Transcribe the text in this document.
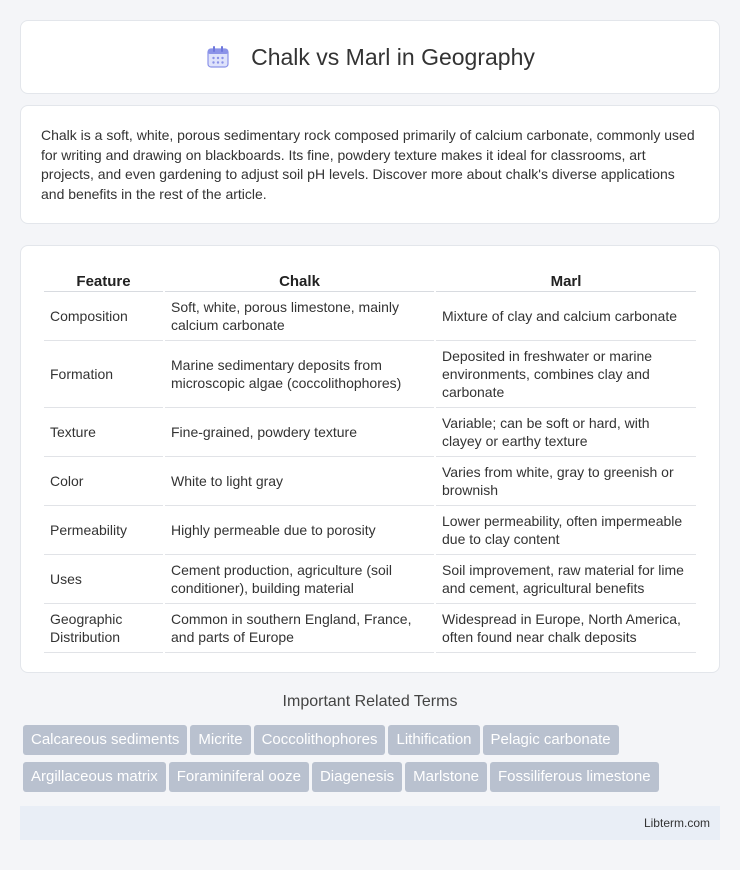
Chalk vs Marl in Geography

Chalk is a soft, white, porous sedimentary rock composed primarily of calcium carbonate, commonly used for writing and drawing on blackboards. Its fine, powdery texture makes it ideal for classrooms, art projects, and even gardening to adjust soil pH levels. Discover more about chalk's diverse applications and benefits in the rest of the article.

Feature	Chalk	Marl
Composition	Soft, white, porous limestone, mainly calcium carbonate	Mixture of clay and calcium carbonate
Formation	Marine sedimentary deposits from microscopic algae (coccolithophores)	Deposited in freshwater or marine environments, combines clay and carbonate
Texture	Fine-grained, powdery texture	Variable; can be soft or hard, with clayey or earthy texture
Color	White to light gray	Varies from white, gray to greenish or brownish
Permeability	Highly permeable due to porosity	Lower permeability, often impermeable due to clay content
Uses	Cement production, agriculture (soil conditioner), building material	Soil improvement, raw material for lime and cement, agricultural benefits
Geographic Distribution	Common in southern England, France, and parts of Europe	Widespread in Europe, North America, often found near chalk deposits
Important Related Terms
Calcareous sediments Micrite Coccolithophores Lithification Pelagic carbonate
Argillaceous matrix Foraminiferal ooze Diagenesis Marlstone Fossiliferous limestone
Libterm.com
